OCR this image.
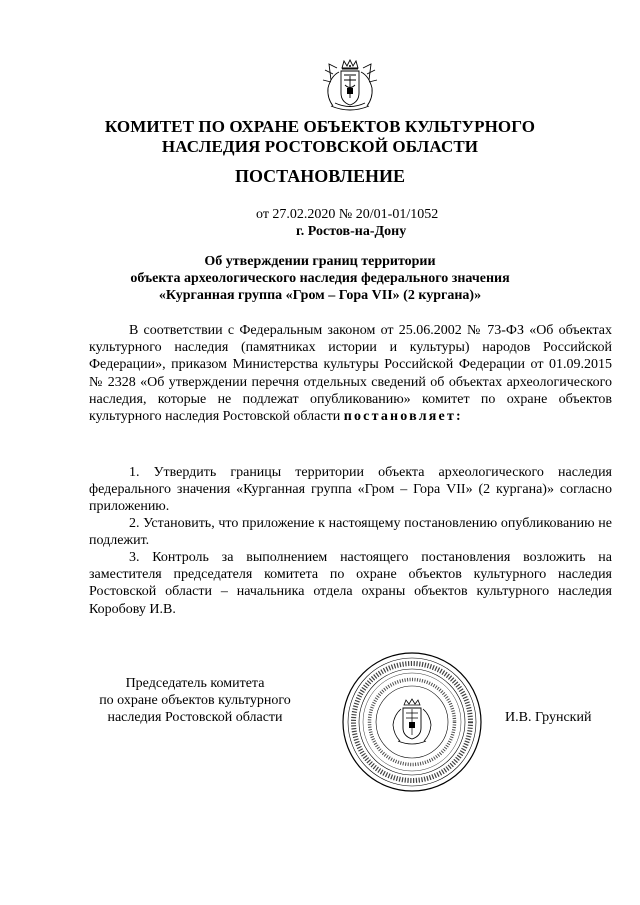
КОМИТЕТ ПО ОХРАНЕ ОБЪЕКТОВ КУЛЬТУРНОГО
НАСЛЕДИЯ РОСТОВСКОЙ ОБЛАСТИ
ПОСТАНОВЛЕНИЕ
от 27.02.2020 № 20/01-01/1052
г. Ростов-на-Дону
Об утверждении границ территории
объекта археологического наследия федерального значения
«Курганная группа «Гром – Гора VII» (2 кургана)»
В соответствии с Федеральным законом от 25.06.2002 № 73-ФЗ «Об объектах культурного наследия (памятниках истории и культуры) народов Российской Федерации», приказом Министерства культуры Российской Федерации от 01.09.2015 № 2328 «Об утверждении перечня отдельных сведений об объектах археологического наследия, которые не подлежат опубликованию» комитет по охране объектов культурного наследия Ростовской области постановляет:
1. Утвердить границы территории объекта археологического наследия федерального значения «Курганная группа «Гром – Гора VII» (2 кургана)» согласно приложению.
2. Установить, что приложение к настоящему постановлению опубликованию не подлежит.
3. Контроль за выполнением настоящего постановления возложить на заместителя председателя комитета по охране объектов культурного наследия Ростовской области – начальника отдела охраны объектов культурного наследия Коробову И.В.
Председатель комитета
по охране объектов культурного
наследия Ростовской области	И.В. Грунский
